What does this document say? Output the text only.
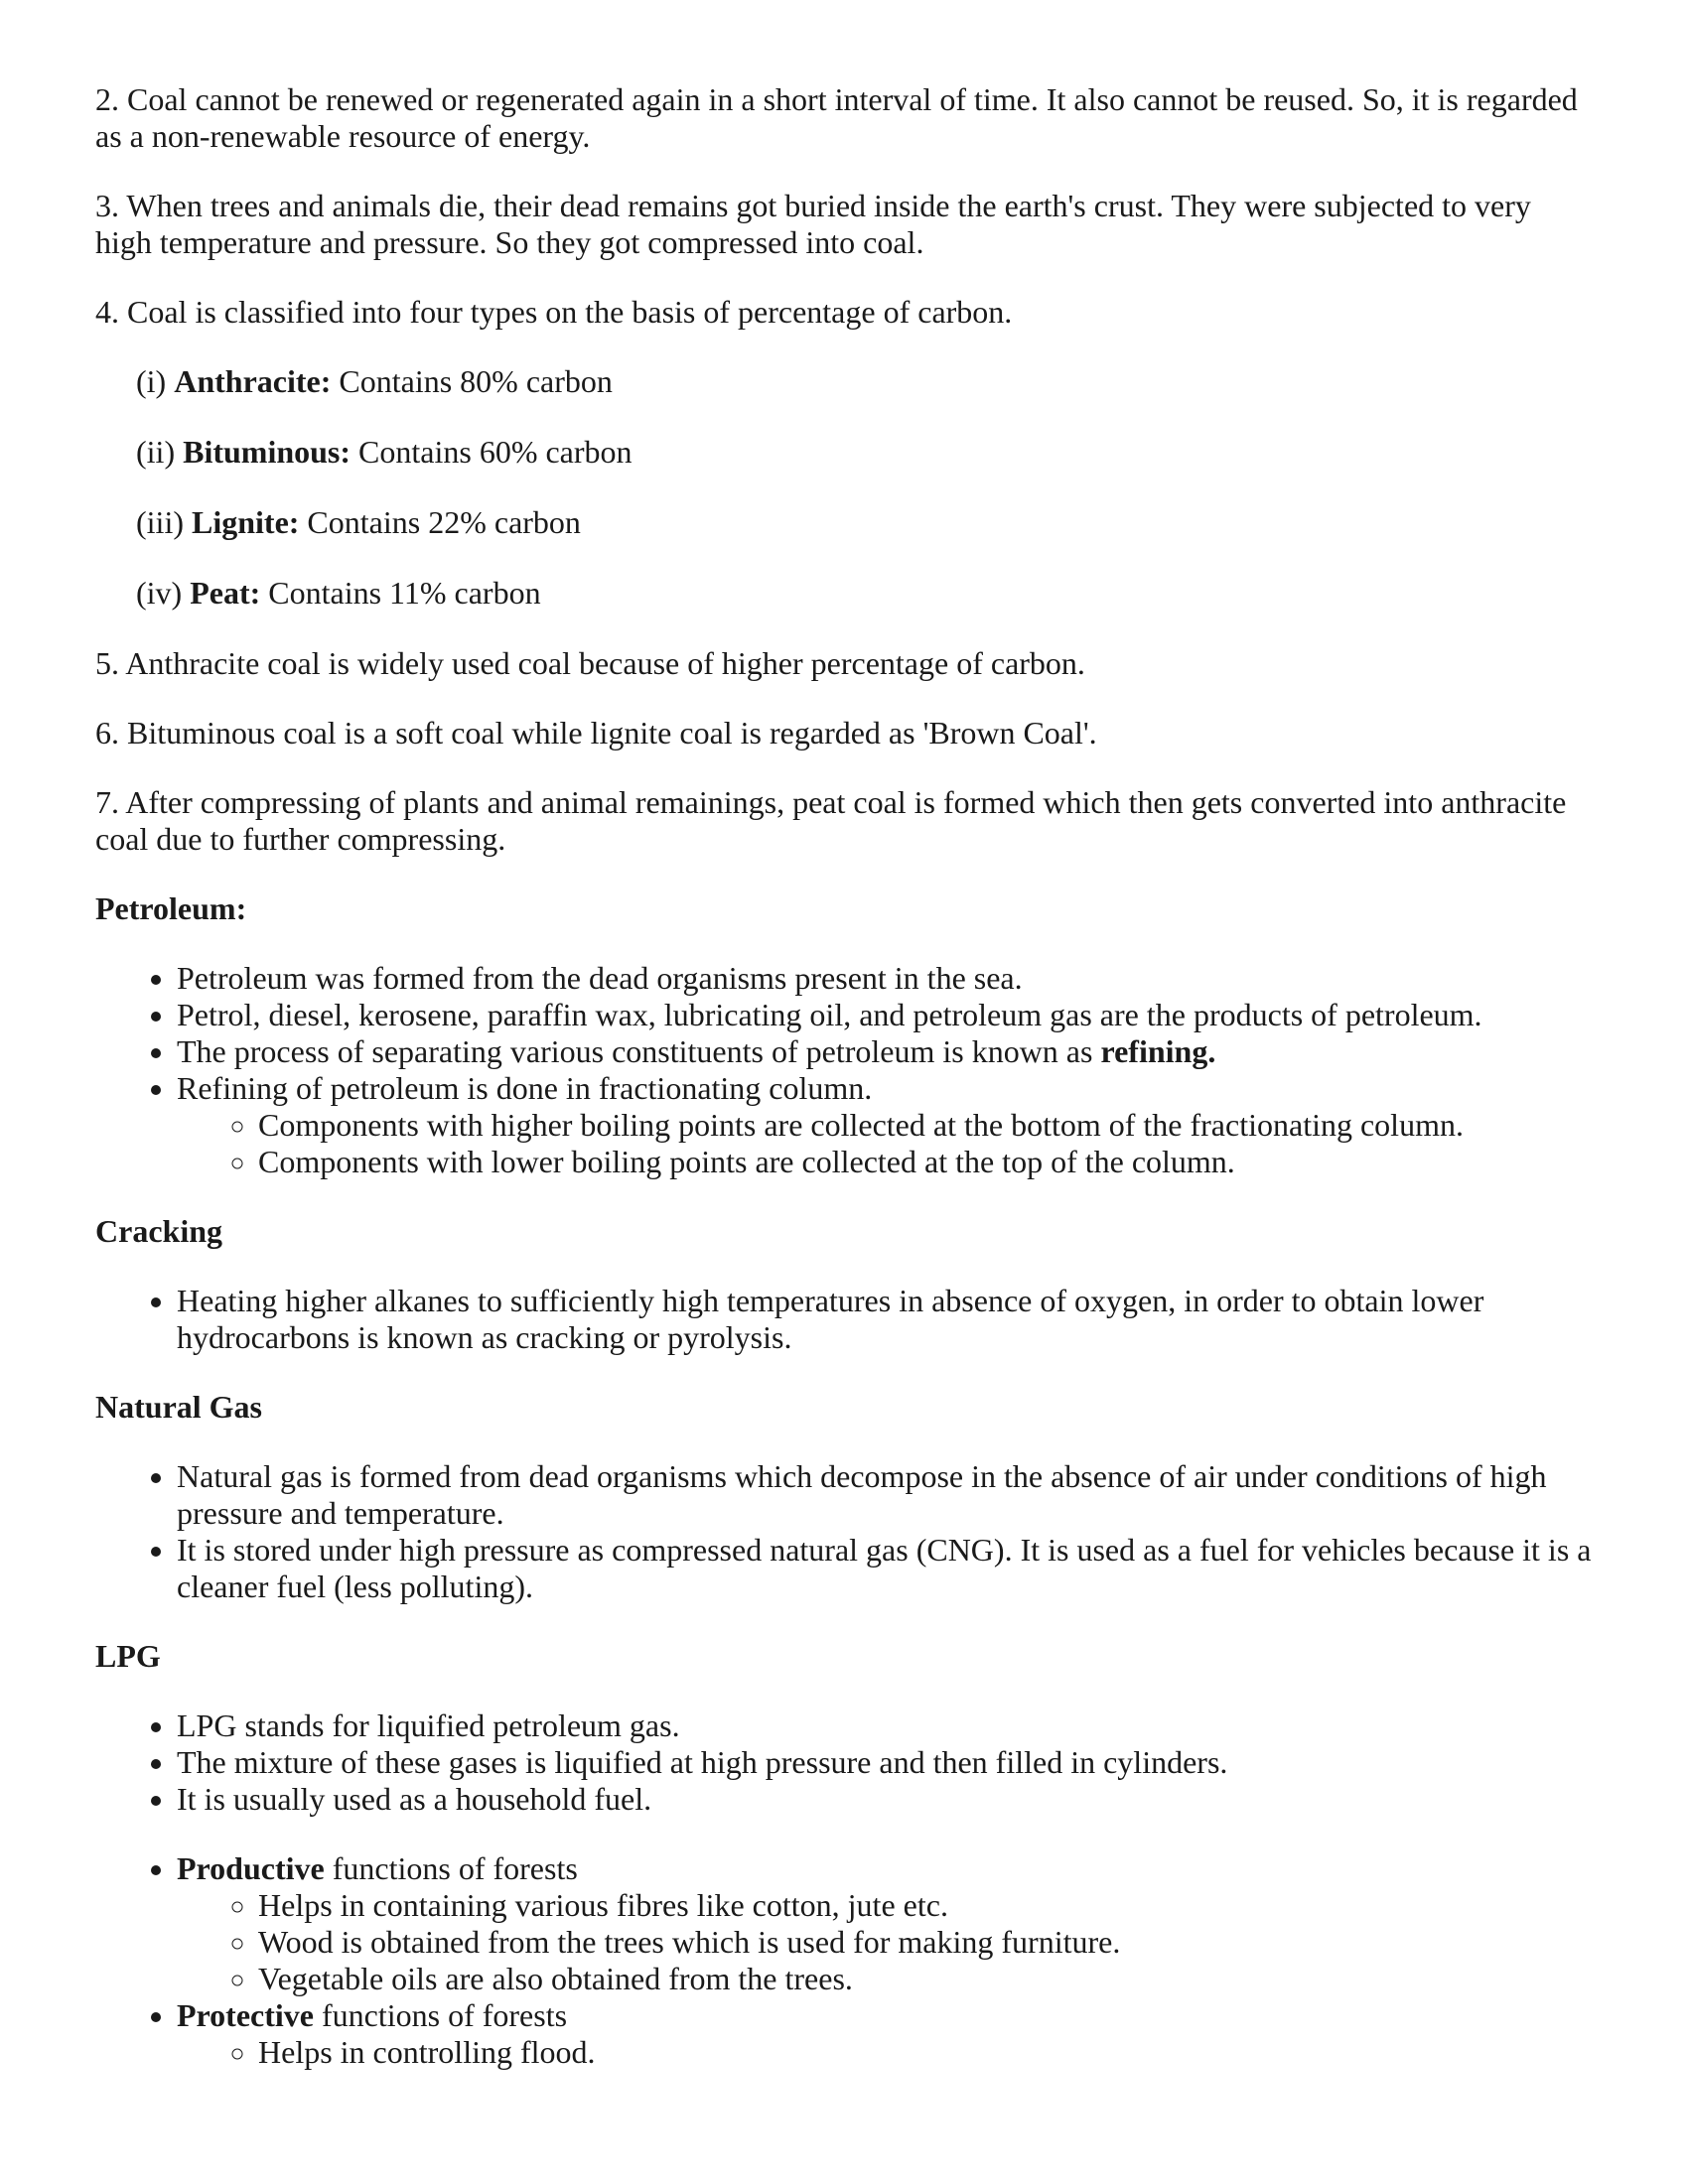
2. Coal cannot be renewed or regenerated again in a short interval of time. It also cannot be reused. So, it is regarded as a non-renewable resource of energy.

3. When trees and animals die, their dead remains got buried inside the earth's crust. They were subjected to very high temperature and pressure. So they got compressed into coal.

4. Coal is classified into four types on the basis of percentage of carbon.

(i) Anthracite: Contains 80% carbon

(ii) Bituminous: Contains 60% carbon

(iii) Lignite: Contains 22% carbon

(iv) Peat: Contains 11% carbon

5. Anthracite coal is widely used coal because of higher percentage of carbon.

6. Bituminous coal is a soft coal while lignite coal is regarded as 'Brown Coal'.

7. After compressing of plants and animal remainings, peat coal is formed which then gets converted into anthracite coal due to further compressing.

Petroleum:
• Petroleum was formed from the dead organisms present in the sea.
• Petrol, diesel, kerosene, paraffin wax, lubricating oil, and petroleum gas are the products of petroleum.
• The process of separating various constituents of petroleum is known as refining.
• Refining of petroleum is done in fractionating column.
◦ Components with higher boiling points are collected at the bottom of the fractionating column.
◦ Components with lower boiling points are collected at the top of the column.
Cracking
• Heating higher alkanes to sufficiently high temperatures in absence of oxygen, in order to obtain lower hydrocarbons is known as cracking or pyrolysis.
Natural Gas
• Natural gas is formed from dead organisms which decompose in the absence of air under conditions of high pressure and temperature.
• It is stored under high pressure as compressed natural gas (CNG). It is used as a fuel for vehicles because it is a cleaner fuel (less polluting).
LPG
• LPG stands for liquified petroleum gas.
• The mixture of these gases is liquified at high pressure and then filled in cylinders.
• It is usually used as a household fuel.
• Productive functions of forests
◦ Helps in containing various fibres like cotton, jute etc.
◦ Wood is obtained from the trees which is used for making furniture.
◦ Vegetable oils are also obtained from the trees.
• Protective functions of forests
◦ Helps in controlling flood.
